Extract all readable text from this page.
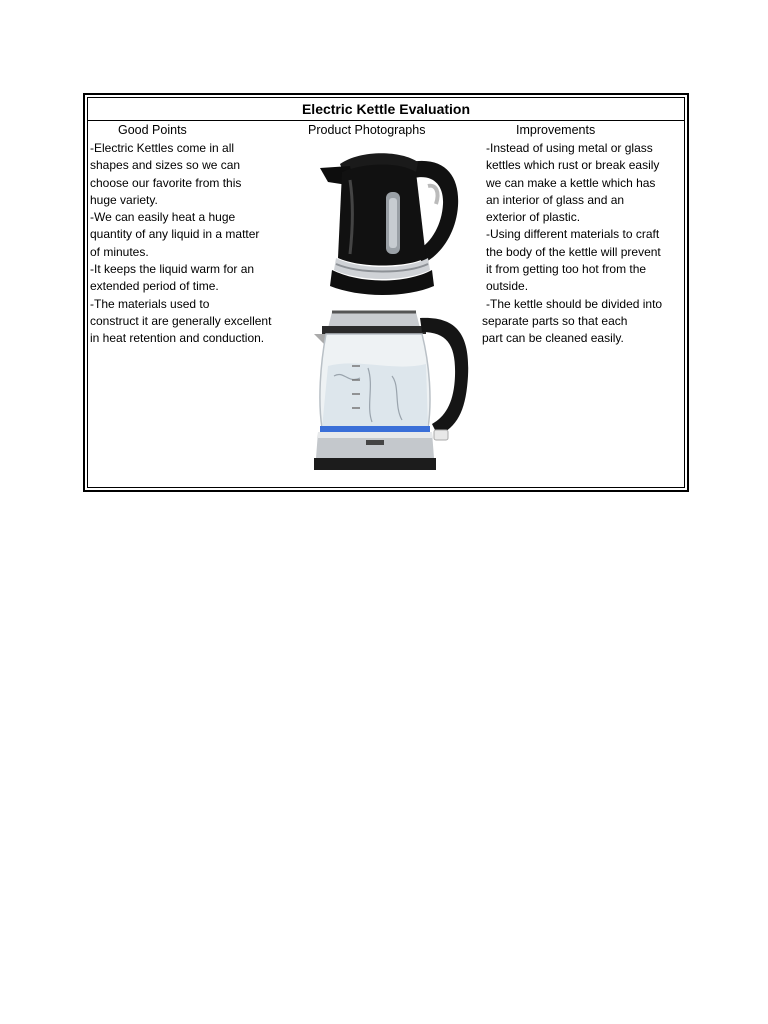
Electric Kettle Evaluation
Good Points	Product Photographs	Improvements
-Electric Kettles come in all
shapes and sizes so we can
choose our favorite from this
huge variety.
-We can easily heat a huge
quantity of any liquid in a matter
of minutes.
-It keeps the liquid warm for an
extended period of time.
-The materials used to
construct it are generally excellent
in heat retention and conduction.
-Instead of using metal or glass
kettles which rust or break easily
we can make a kettle which has
an interior of glass and an
exterior of plastic.
-Using different materials to craft
the body of the kettle will prevent
it from getting too hot from the
outside.
-The kettle should be divided into
separate parts so that each
part can be cleaned easily.
